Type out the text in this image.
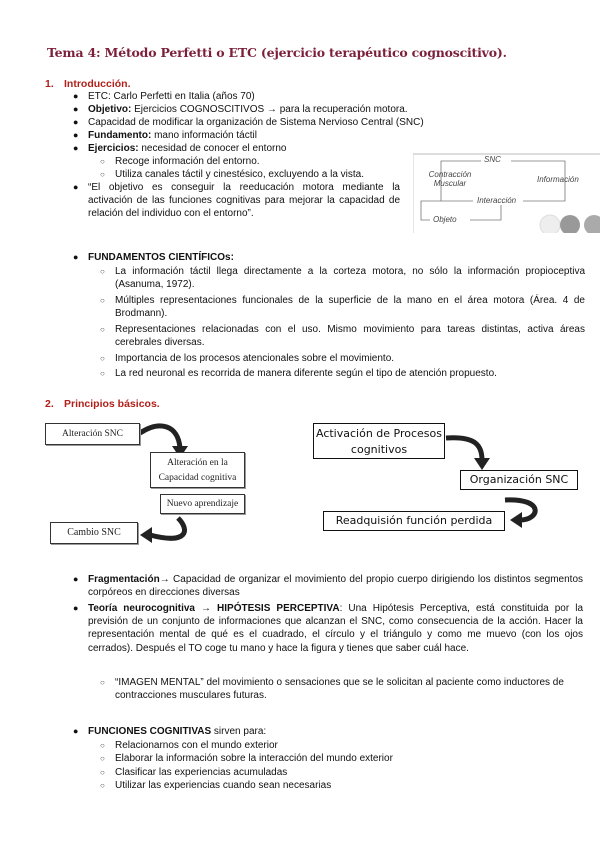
Tema 4: Método Perfetti o ETC (ejercicio terapéutico cognoscitivo).
1. Introducción.
● ETC: Carlo Perfetti en Italia (años 70)
● Objetivo: Ejercicios COGNOSCITIVOS → para la recuperación motora.
● Capacidad de modificar la organización de Sistema Nervioso Central (SNC)
● Fundamento: mano información táctil
● Ejercicios: necesidad de conocer el entorno
○ Recoge información del entorno.
○ Utiliza canales táctil y cinestésico, excluyendo a la vista.
● “El objetivo es conseguir la reeducación motora mediante la activación de las funciones cognitivas para mejorar la capacidad de relación del individuo con el entorno”.
SNC
Contracción Muscular	Información
Interacción
Objeto
● FUNDAMENTOS CIENTÍFICOs:
○ La información táctil llega directamente a la corteza motora, no sólo la información propioceptiva (Asanuma, 1972).
○ Múltiples representaciones funcionales de la superficie de la mano en el área motora (Área. 4 de Brodmann).
○ Representaciones relacionadas con el uso. Mismo movimiento para tareas distintas, activa áreas cerebrales diversas.
○ Importancia de los procesos atencionales sobre el movimiento.
○ La red neuronal es recorrida de manera diferente según el tipo de atención propuesto.
2. Principios básicos.
Alteración SNC
Alteración en la Capacidad cognitiva
Nuevo aprendizaje
Cambio SNC
Activación de Procesos cognitivos
Organización SNC
Readquisión función perdida
● Fragmentación→ Capacidad de organizar el movimiento del propio cuerpo dirigiendo los distintos segmentos corpóreos en direcciones diversas
● Teoría neurocognitiva → HIPÓTESIS PERCEPTIVA: Una Hipótesis Perceptiva, está constituida por la previsión de un conjunto de informaciones que alcanzan el SNC, como consecuencia de la acción. Hacer la representación mental de qué es el cuadrado, el círculo y el triángulo y como me muevo (con los ojos cerrados). Después el TO coge tu mano y hace la figura y tienes que saber cuál hace.
○ “IMAGEN MENTAL” del movimiento o sensaciones que se le solicitan al paciente como inductores de contracciones musculares futuras.
● FUNCIONES COGNITIVAS sirven para:
○ Relacionarnos con el mundo exterior
○ Elaborar la información sobre la interacción del mundo exterior
○ Clasificar las experiencias acumuladas
○ Utilizar las experiencias cuando sean necesarias
